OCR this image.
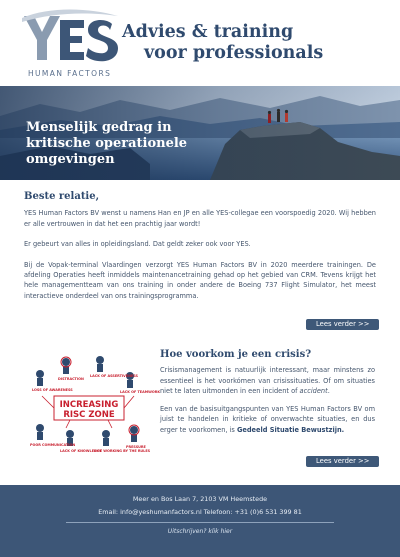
HUMAN FACTORS
Advies & training
voor professionals
Menselijk gedrag in
kritische operationele
omgevingen
Beste relatie,

YES Human Factors BV wenst u namens Han en JP en alle YES-collegae een voorspoedig 2020. Wij hebben er alle vertrouwen in dat het een prachtig jaar wordt!

Er gebeurt van alles in opleidingsland. Dat geldt zeker ook voor YES.

Bij de Vopak-terminal Vlaardingen verzorgt YES Human Factors BV in 2020 meerdere trainingen. De afdeling Operaties heeft inmiddels maintenancetraining gehad op het gebied van CRM. Tevens krijgt het hele managementteam van ons training in onder andere de Boeing 737 Flight Simulator, het meest interactieve onderdeel van ons trainingsprogramma.

Lees verder >>
DISTRACTION
LACK OF ASSERTIVENESS
LOSS OF AWARENESS	LACK OF TEAMWORK
POOR COMMUNICATION
LACK OF KNOWLEDGE
NOT WORKING BY THE RULES
PRESSURE
INCREASING
RISC ZONE
Hoe voorkom je een crisis?

Crisismanagement is natuurlijk interessant, maar minstens zo essentieel is het voorkómen van crisissituaties. Of om situaties niet te laten uitmonden in een incident of accident.

Een van de basisuitgangspunten van YES Human Factors BV om juist te handelen in kritieke of onverwachte situaties, en dus erger te voorkomen, is Gedeeld Situatie Bewustzijn.

Lees verder >>
Meer en Bos Laan 7, 2103 VM Heemstede
Email: info@yeshumanfactors.nl Telefoon: +31 (0)6 531 399 81
Uitschrijven? klik hier
